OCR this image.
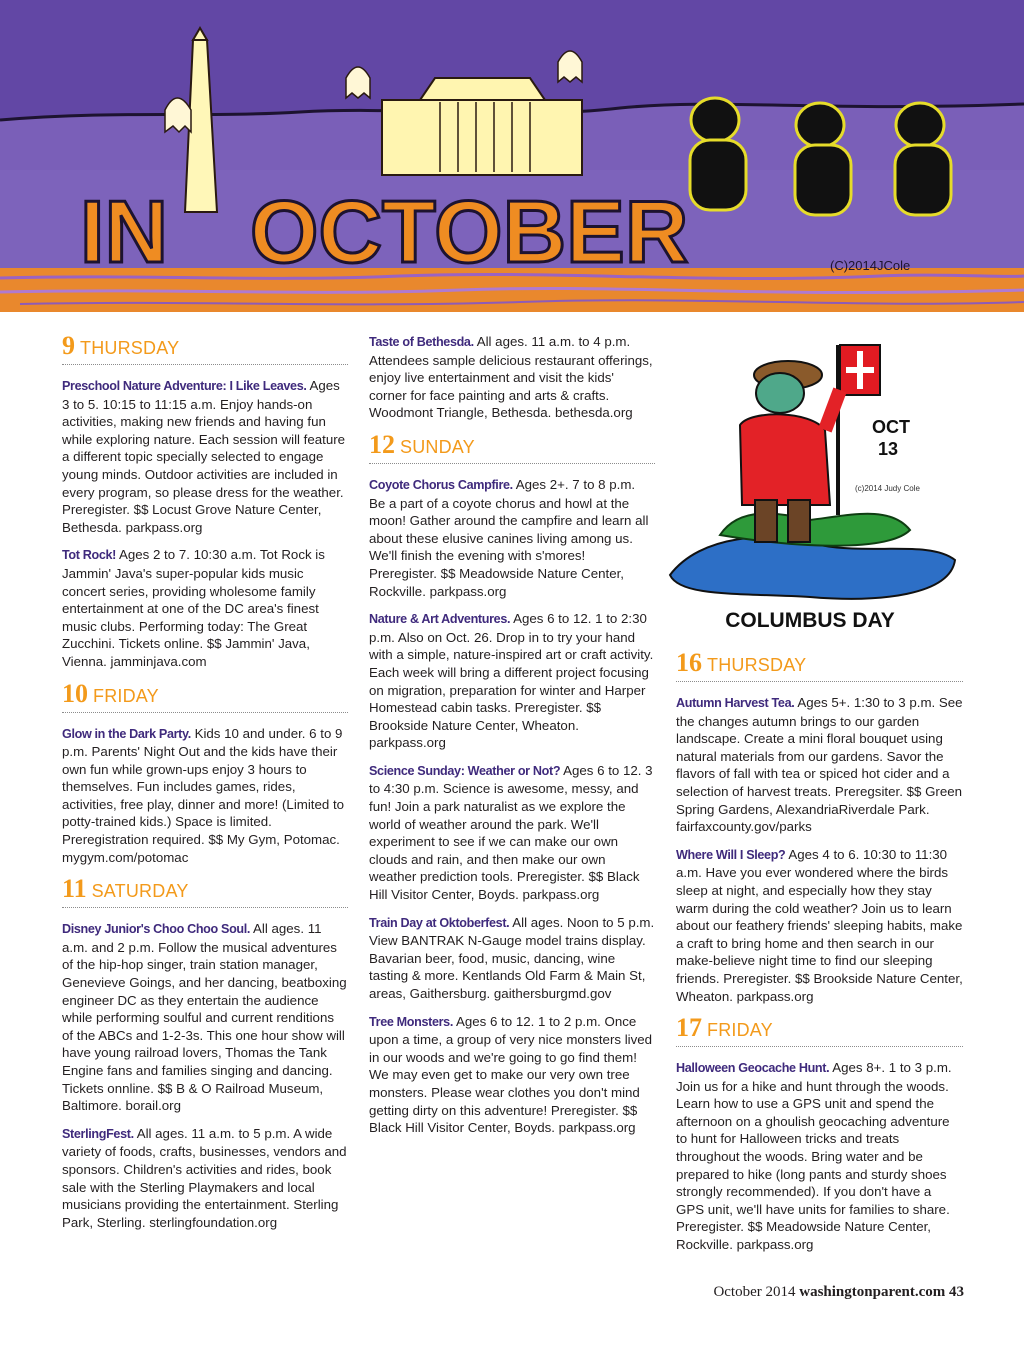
IN OCTOBER	(C)2014JCole
9 THURSDAY
Preschool Nature Adventure: I Like Leaves. Ages 3 to 5. 10:15 to 11:15 a.m. Enjoy hands-on activities, making new friends and having fun while exploring nature. Each session will feature a different topic specially selected to engage young minds. Outdoor activities are included in every program, so please dress for the weather. Preregister. $$ Locust Grove Nature Center, Bethesda. parkpass.org
Tot Rock! Ages 2 to 7. 10:30 a.m. Tot Rock is Jammin' Java's super-popular kids music concert series, providing wholesome family entertainment at one of the DC area's finest music clubs. Performing today: The Great Zucchini. Tickets online. $$ Jammin' Java, Vienna. jamminjava.com
10 FRIDAY
Glow in the Dark Party. Kids 10 and under. 6 to 9 p.m. Parents' Night Out and the kids have their own fun while grown-ups enjoy 3 hours to themselves. Fun includes games, rides, activities, free play, dinner and more! (Limited to potty-trained kids.) Space is limited. Preregistration required. $$ My Gym, Potomac. mygym.com/potomac
11 SATURDAY
Disney Junior's Choo Choo Soul. All ages. 11 a.m. and 2 p.m. Follow the musical adventures of the hip-hop singer, train station manager, Genevieve Goings, and her dancing, beatboxing engineer DC as they entertain the audience while performing soulful and current renditions of the ABCs and 1-2-3s. This one hour show will have young railroad lovers, Thomas the Tank Engine fans and families singing and dancing. Tickets onnline. $$ B & O Railroad Museum, Baltimore. borail.org
SterlingFest. All ages. 11 a.m. to 5 p.m. A wide variety of foods, crafts, businesses, vendors and sponsors. Children's activities and rides, book sale with the Sterling Playmakers and local musicians providing the entertainment. Sterling Park, Sterling. sterlingfoundation.org
Taste of Bethesda. All ages. 11 a.m. to 4 p.m. Attendees sample delicious restaurant offerings, enjoy live entertainment and visit the kids' corner for face painting and arts & crafts. Woodmont Triangle, Bethesda. bethesda.org
12 SUNDAY
Coyote Chorus Campfire. Ages 2+. 7 to 8 p.m. Be a part of a coyote chorus and howl at the moon! Gather around the campfire and learn all about these elusive canines living among us. We'll finish the evening with s'mores! Preregister. $$ Meadowside Nature Center, Rockville. parkpass.org
Nature & Art Adventures. Ages 6 to 12. 1 to 2:30 p.m. Also on Oct. 26. Drop in to try your hand with a simple, nature-inspired art or craft activity. Each week will bring a different project focusing on migration, preparation for winter and Harper Homestead cabin tasks. Preregister. $$ Brookside Nature Center, Wheaton. parkpass.org
Science Sunday: Weather or Not? Ages 6 to 12. 3 to 4:30 p.m. Science is awesome, messy, and fun! Join a park naturalist as we explore the world of weather around the park. We'll experiment to see if we can make our own clouds and rain, and then make our own weather prediction tools. Preregister. $$ Black Hill Visitor Center, Boyds. parkpass.org
Train Day at Oktoberfest. All ages. Noon to 5 p.m. View BANTRAK N-Gauge model trains display. Bavarian beer, food, music, dancing, wine tasting & more. Kentlands Old Farm & Main St, areas, Gaithersburg. gaithersburgmd.gov
Tree Monsters. Ages 6 to 12. 1 to 2 p.m. Once upon a time, a group of very nice monsters lived in our woods and we're going to go find them! We may even get to make our very own tree monsters. Please wear clothes you don't mind getting dirty on this adventure! Preregister. $$ Black Hill Visitor Center, Boyds. parkpass.org
OCT
13
(c)2014 Judy Cole
COLUMBUS DAY
16 THURSDAY
Autumn Harvest Tea. Ages 5+. 1:30 to 3 p.m. See the changes autumn brings to our garden landscape. Create a mini floral bouquet using natural materials from our gardens. Savor the flavors of fall with tea or spiced hot cider and a selection of harvest treats. Preregsiter. $$ Green Spring Gardens, AlexandriaRiverdale Park. fairfaxcounty.gov/parks
Where Will I Sleep? Ages 4 to 6. 10:30 to 11:30 a.m. Have you ever wondered where the birds sleep at night, and especially how they stay warm during the cold weather? Join us to learn about our feathery friends' sleeping habits, make a craft to bring home and then search in our make-believe night time to find our sleeping friends. Preregister. $$ Brookside Nature Center, Wheaton. parkpass.org
17 FRIDAY
Halloween Geocache Hunt. Ages 8+. 1 to 3 p.m. Join us for a hike and hunt through the woods. Learn how to use a GPS unit and spend the afternoon on a ghoulish geocaching adventure to hunt for Halloween tricks and treats throughout the woods. Bring water and be prepared to hike (long pants and sturdy shoes strongly recommended). If you don't have a GPS unit, we'll have units for families to share. Preregister. $$ Meadowside Nature Center, Rockville. parkpass.org
October 2014 washingtonparent.com 43
